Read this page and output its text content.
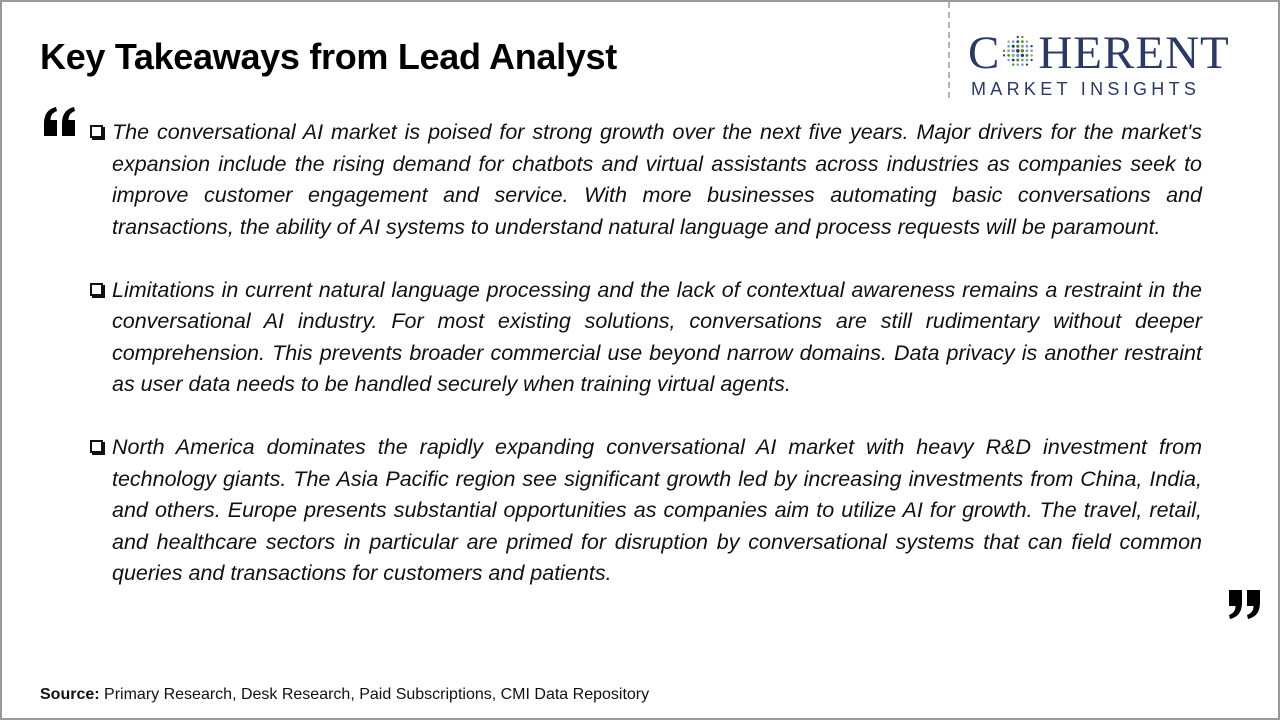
Key Takeaways from Lead Analyst	C HERENT
MARKET INSIGHTS
The conversational AI market is poised for strong growth over the next five years. Major drivers for the market's expansion include the rising demand for chatbots and virtual assistants across industries as companies seek to improve customer engagement and service. With more businesses automating basic conversations and transactions, the ability of AI systems to understand natural language and process requests will be paramount.
Limitations in current natural language processing and the lack of contextual awareness remains a restraint in the conversational AI industry. For most existing solutions, conversations are still rudimentary without deeper comprehension. This prevents broader commercial use beyond narrow domains. Data privacy is another restraint as user data needs to be handled securely when training virtual agents.
North America dominates the rapidly expanding conversational AI market with heavy R&D investment from technology giants. The Asia Pacific region see significant growth led by increasing investments from China, India, and others. Europe presents substantial opportunities as companies aim to utilize AI for growth. The travel, retail, and healthcare sectors in particular are primed for disruption by conversational systems that can field common queries and transactions for customers and patients.
Source: Primary Research, Desk Research, Paid Subscriptions, CMI Data Repository
